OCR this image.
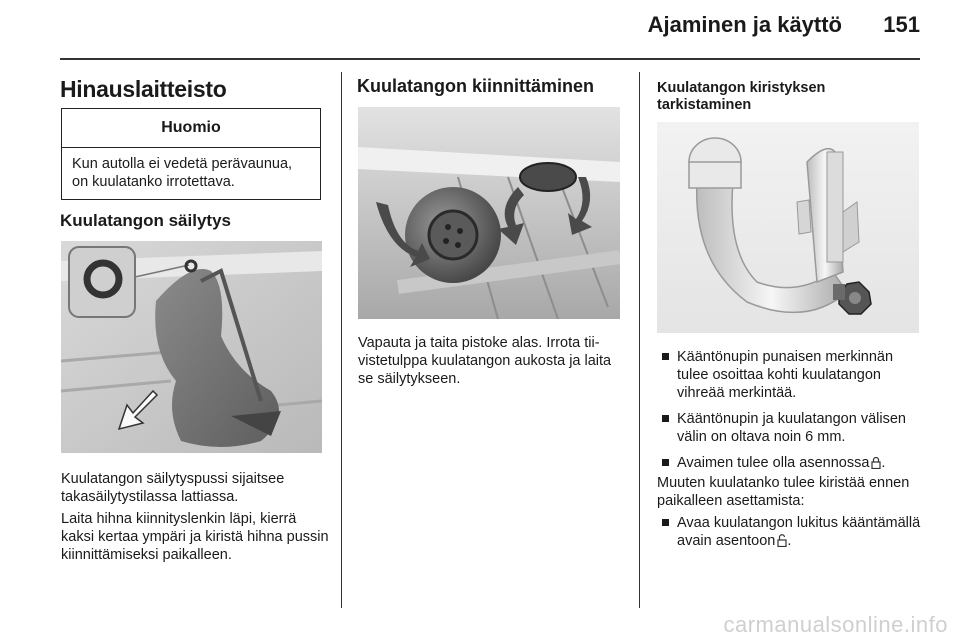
Ajaminen ja käyttö 151
Hinauslaitteisto
Huomio
Kun autolla ei vedetä perävaunua, on kuulatanko irrotettava.
Kuulatangon säilytys

Kuulatangon säilytyspussi sijaitsee takasäilytystilassa lattiassa.

Laita hihna kiinnityslenkin läpi, kierrä kaksi kertaa ympäri ja kiristä hihna pussin kiinnittämiseksi paikalleen.

Kuulatangon kiinnittäminen

Vapauta ja taita pistoke alas. Irrota tiivistetulppa kuulatangon aukosta ja laita se säilytykseen.

Kuulatangon kiristyksen tarkistaminen
Kääntönupin punaisen merkinnän tulee osoittaa kohti kuulatangon vihreää merkintää.
Kääntönupin ja kuulatangon välisen välin on oltava noin 6 mm.
Avaimen tulee olla asennossa .

Muuten kuulatanko tulee kiristää ennen paikalleen asettamista:

Avaa kuulatangon lukitus kääntämällä avain asentoon .
carmanualsonline.info
